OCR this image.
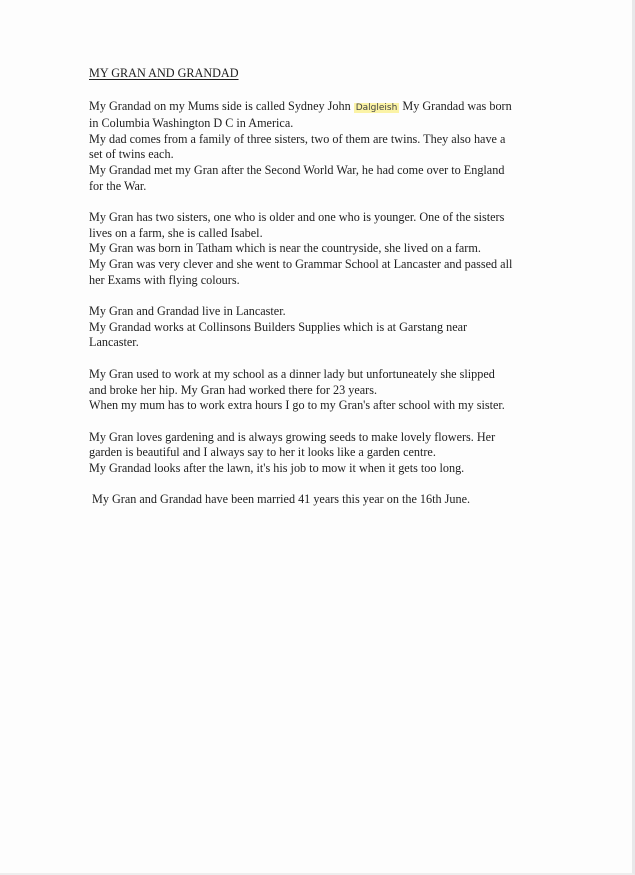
MY GRAN AND GRANDAD
My Grandad on my Mums side is called Sydney John Dalgleish My Grandad was born
in Columbia Washington D C in America.
My dad comes from a family of three sisters, two of them are twins. They also have a
set of twins each.
My Grandad met my Gran after the Second World War, he had come over to England
for the War.
My Gran has two sisters, one who is older and one who is younger. One of the sisters
lives on a farm, she is called Isabel.
My Gran was born in Tatham which is near the countryside, she lived on a farm.
My Gran was very clever and she went to Grammar School at Lancaster and passed all
her Exams with flying colours.
My Gran and Grandad live in Lancaster.
My Grandad works at Collinsons Builders Supplies which is at Garstang near
Lancaster.
My Gran used to work at my school as a dinner lady but unfortuneately she slipped
and broke her hip. My Gran had worked there for 23 years.
When my mum has to work extra hours I go to my Gran's after school with my sister.
My Gran loves gardening and is always growing seeds to make lovely flowers. Her
garden is beautiful and I always say to her it looks like a garden centre.
My Grandad looks after the lawn, it's his job to mow it when it gets too long.
My Gran and Grandad have been married 41 years this year on the 16th June.
